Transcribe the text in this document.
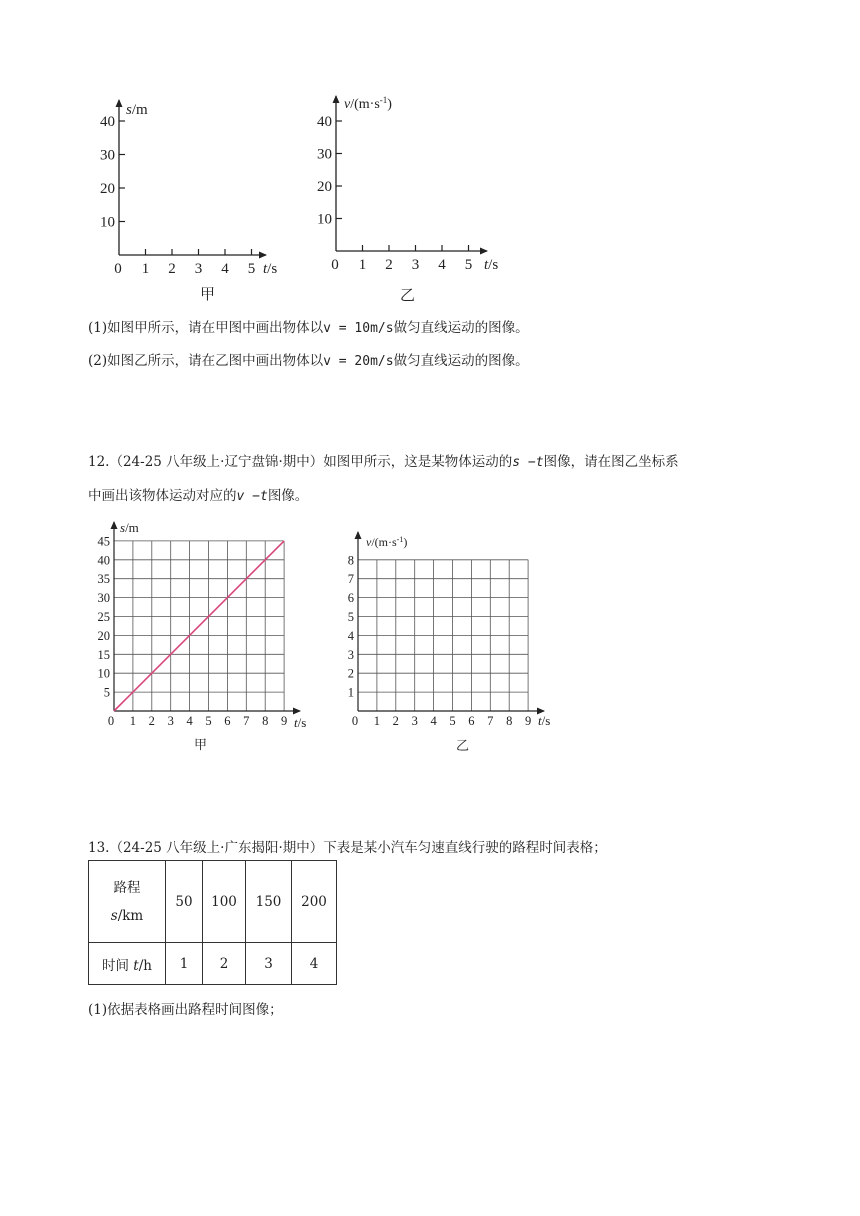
10
20
30
40
0 1 2 3 4 5
s/m
t/s
甲
10
20
30
40
0 1 2 3 4 5
$v/(m\cdot s^{-1})$
t/s
乙
(1)如图甲所示，请在甲图中画出物体以v = 10m/s做匀直线运动的图像。
(2)如图乙所示，请在乙图中画出物体以v = 20m/s做匀直线运动的图像。
12.（24-25 八年级上·辽宁盘锦·期中）如图甲所示，这是某物体运动的s −t图像，请在图乙坐标系
中画出该物体运动对应的v −t图像。
5
10
15
20
25
30
35
40
45
0 1 2 3 4 5 6 7 8 9
s/m
t/s
甲
1
2
3
4
5
6
7
8
0 1 2 3 4 5 6 7 8 9
$v/(m\cdot s^{-1})$
t/s
乙
13.（24-25 八年级上·广东揭阳·期中）下表是某小汽车匀速直线行驶的路程时间表格；
路程
s/km	50	100	150	200
时间 t/h	1	2	3	4
(1)依据表格画出路程时间图像；
